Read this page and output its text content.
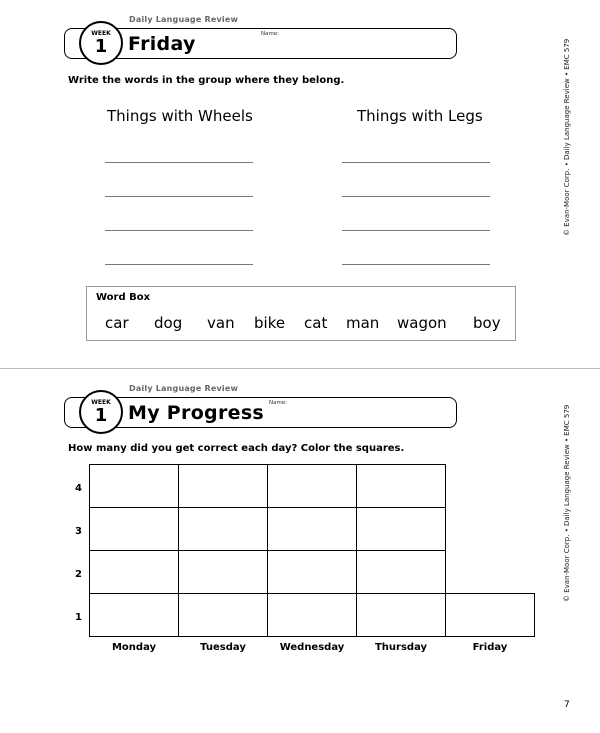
Daily Language Review
Friday	Name:
WEEK
1
Write the words in the group where they belong.
Things with Wheels	Things with Legs
Word Box
car dog van bike cat man wagon boy
© Evan-Moor Corp. • Daily Language Review • EMC 579
Daily Language Review
My Progress Name:
WEEK
1
How many did you get correct each day? Color the squares.
4
3
2
1
Monday	Tuesday	Wednesday	Thursday	Friday
© Evan-Moor Corp. • Daily Language Review • EMC 579
7
